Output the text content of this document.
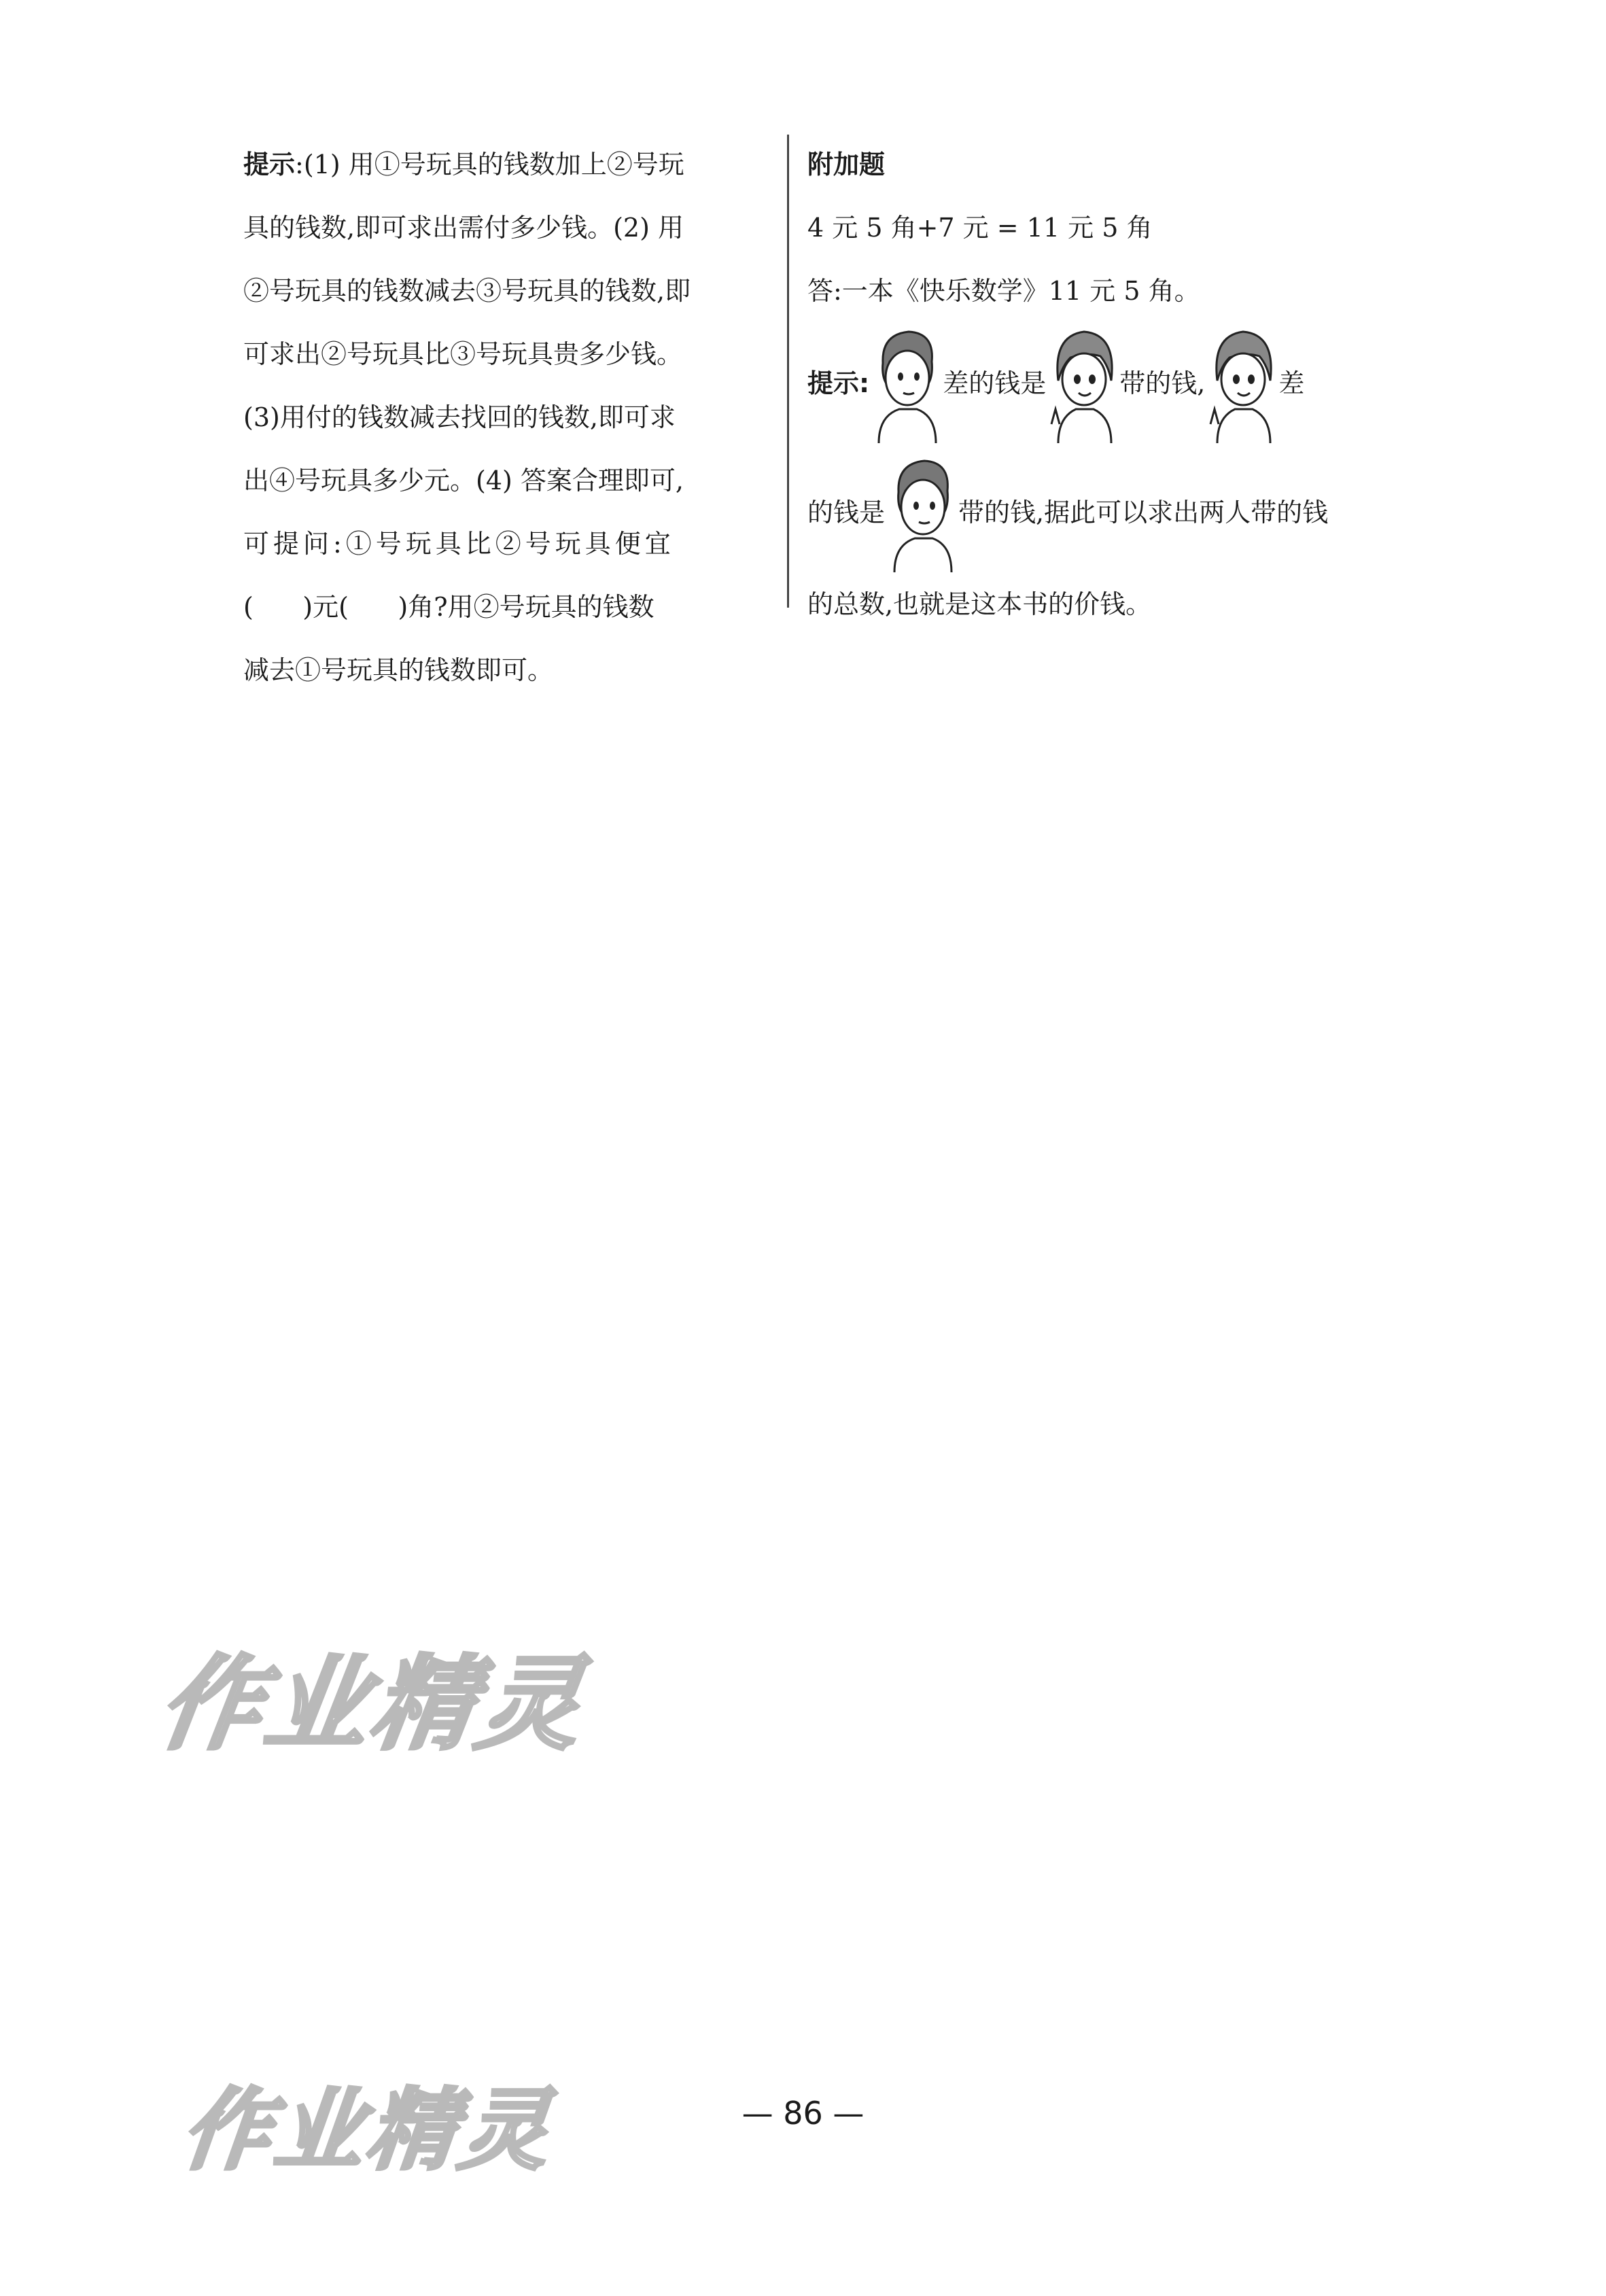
提示:(1) 用①号玩具的钱数加上②号玩
具的钱数,即可求出需付多少钱。(2) 用
②号玩具的钱数减去③号玩具的钱数,即
可求出②号玩具比③号玩具贵多少钱。
(3)用付的钱数减去找回的钱数,即可求
出④号玩具多少元。(4) 答案合理即可,
可提问:①号玩具比②号玩具便宜
(      )元(      )角?用②号玩具的钱数
减去①号玩具的钱数即可。
附加题
4 元 5 角+7 元 = 11 元 5 角
答:一本《快乐数学》11 元 5 角。
提示:	差的钱是	带的钱,	差
的钱是	带的钱,据此可以求出两人带的钱
的总数,也就是这本书的价钱。
作业精灵
作业精灵	— 86 —
